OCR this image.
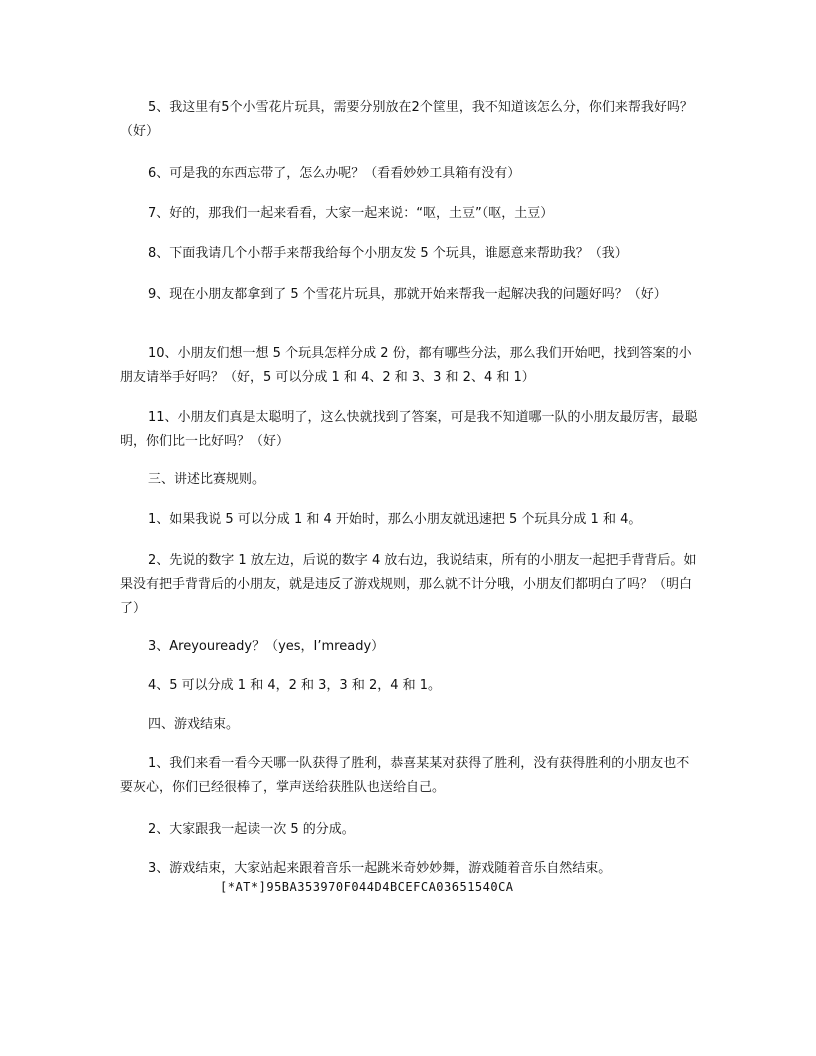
5、我这里有5个小雪花片玩具，需要分别放在2个筐里，我不知道该怎么分，你们来帮我好吗？（好）

6、可是我的东西忘带了，怎么办呢？（看看妙妙工具箱有没有）

7、好的，那我们一起来看看，大家一起来说：“呕，土豆”（呕，土豆）

8、下面我请几个小帮手来帮我给每个小朋友发 5 个玩具，谁愿意来帮助我？（我）

9、现在小朋友都拿到了 5 个雪花片玩具，那就开始来帮我一起解决我的问题好吗？（好）

10、小朋友们想一想 5 个玩具怎样分成 2 份，都有哪些分法，那么我们开始吧，找到答案的小朋友请举手好吗？（好，5 可以分成 1 和 4、2 和 3、3 和 2、4 和 1）

11、小朋友们真是太聪明了，这么快就找到了答案，可是我不知道哪一队的小朋友最厉害，最聪明，你们比一比好吗？（好）

三、讲述比赛规则。

1、如果我说 5 可以分成 1 和 4 开始时，那么小朋友就迅速把 5 个玩具分成 1 和 4。

2、先说的数字 1 放左边，后说的数字 4 放右边，我说结束，所有的小朋友一起把手背背后。如果没有把手背背后的小朋友，就是违反了游戏规则，那么就不计分哦，小朋友们都明白了吗？（明白了）

3、Areyouready？（yes，I’mready）

4、5 可以分成 1 和 4，2 和 3，3 和 2，4 和 1。

四、游戏结束。

1、我们来看一看今天哪一队获得了胜利，恭喜某某对获得了胜利，没有获得胜利的小朋友也不要灰心，你们已经很棒了，掌声送给获胜队也送给自己。

2、大家跟我一起读一次 5 的分成。

3、游戏结束，大家站起来跟着音乐一起跳米奇妙妙舞，游戏随着音乐自然结束。

[*AT*]95BA353970F044D4BCEFCA03651540CA
